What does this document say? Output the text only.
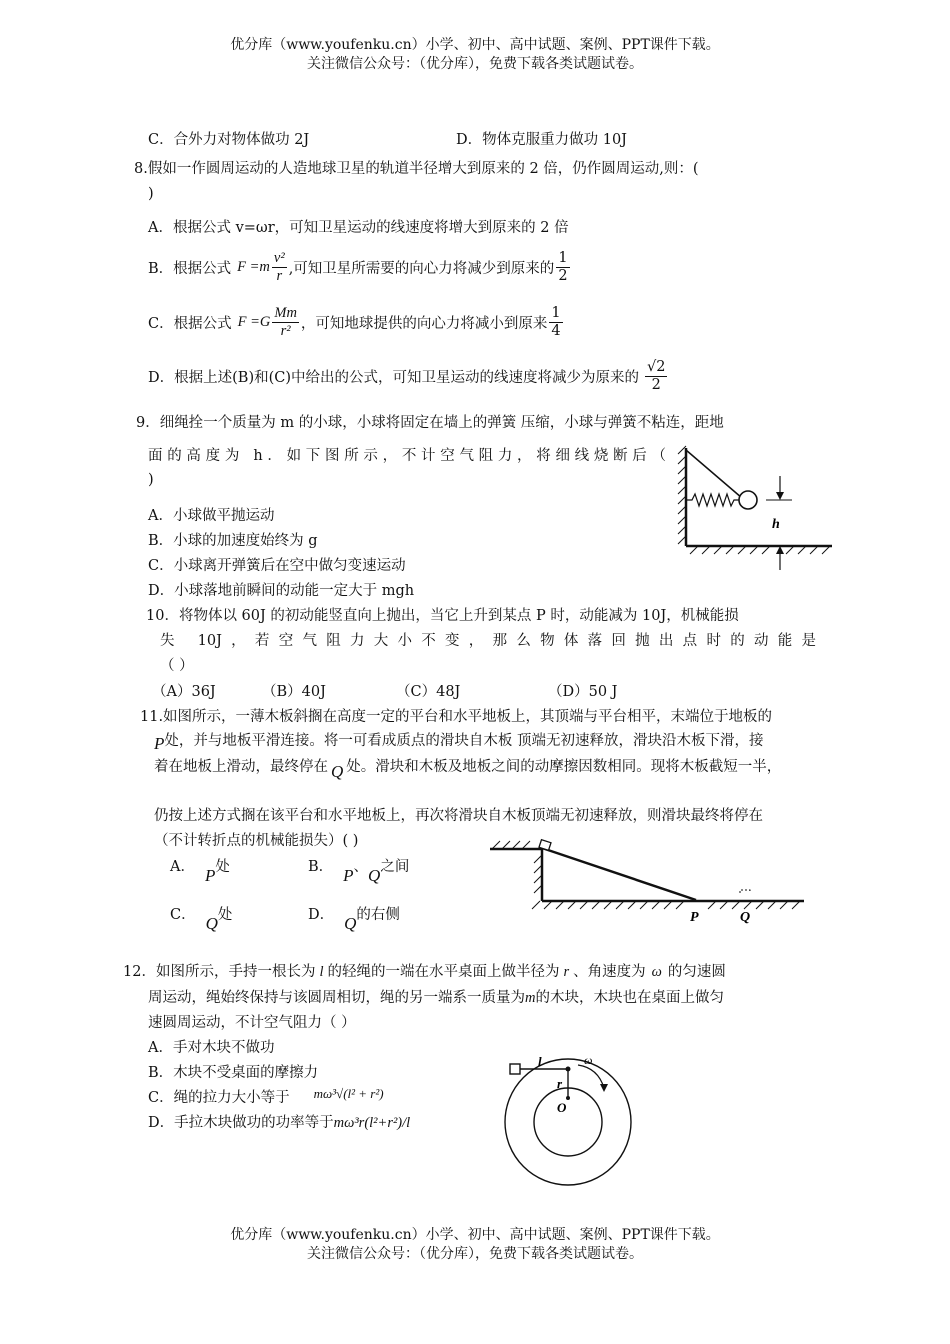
优分库（www.youfenku.cn）小学、初中、高中试题、案例、PPT课件下载。
关注微信公众号：（优分库），免费下载各类试题试卷。
C．合外力对物体做功 2J	D．物体克服重力做功 10J
8.假如一作圆周运动的人造地球卫星的轨道半径增大到原来的 2 倍，仍作圆周运动,则：(
)
A．根据公式 v=ωr，可知卫星运动的线速度将增大到原来的 2 倍
B．根据公式 $F =m \frac{\text{v²}}{r}$ ,可知卫星所需要的向心力将减少到原来的 $\frac{1}{2}$
C．根据公式 $F =G \frac{Mm}{\text{r²}}$ ，可知地球提供的向心力将减小到原来 $\frac{1}{4}$
D．根据上述(B)和(C)中给出的公式，可知卫星运动的线速度将减少为原来的 $\frac{√2}{2}$
9．细绳拴一个质量为 m 的小球，小球将固定在墙上的弹簧 压缩，小球与弹簧不粘连，距地
面的高度为 h．如下图所示，不计空气阻力，将细线烧断后（
)
A．小球做平抛运动
B．小球的加速度始终为 g
C．小球离开弹簧后在空中做匀变速运动
D．小球落地前瞬间的动能一定大于 mgh
h
10．将物体以 60J 的初动能竖直向上抛出，当它上升到某点 P 时，动能减为 10J，机械能损
失 10J，若空气阻力大小不变，那么物体落回抛出点时的动能是
（ ）
（A）36J	（B）40J	（C）48J	（D）50 J
11.如图所示，一薄木板斜搁在高度一定的平台和水平地板上，其顶端与平台相平，末端位于地板的
P处，并与地板平滑连接。将一可看成质点的滑块自木板 顶端无初速释放，滑块沿木板下滑，接
着在地板上滑动，最终停在 Q 处。滑块和木板及地板之间的动摩擦因数相同。现将木板截短一半，
仍按上述方式搁在该平台和水平地板上，再次将滑块自木板顶端无初速释放，则滑块最终将停在
（不计转折点的机械能损失）( )
A． P处	B． P、Q之间
C． Q处	D． Q的右侧	P	Q
12．如图所示，手持一根长为 l 的轻绳的一端在水平桌面上做半径为 r 、角速度为 ω 的匀速圆
周运动，绳始终保持与该圆周相切，绳的另一端系一质量为m的木块，木块也在桌面上做匀
速圆周运动，不计空气阻力（ ）
A．手对木块不做功
B．木块不受桌面的摩擦力
C．绳的拉力大小等于 mω³√(l² + r²)
D．手拉木块做功的功率等于mω³r(l²+r²)/l
l	ω
r
O
优分库（www.youfenku.cn）小学、初中、高中试题、案例、PPT课件下载。
关注微信公众号：（优分库），免费下载各类试题试卷。
